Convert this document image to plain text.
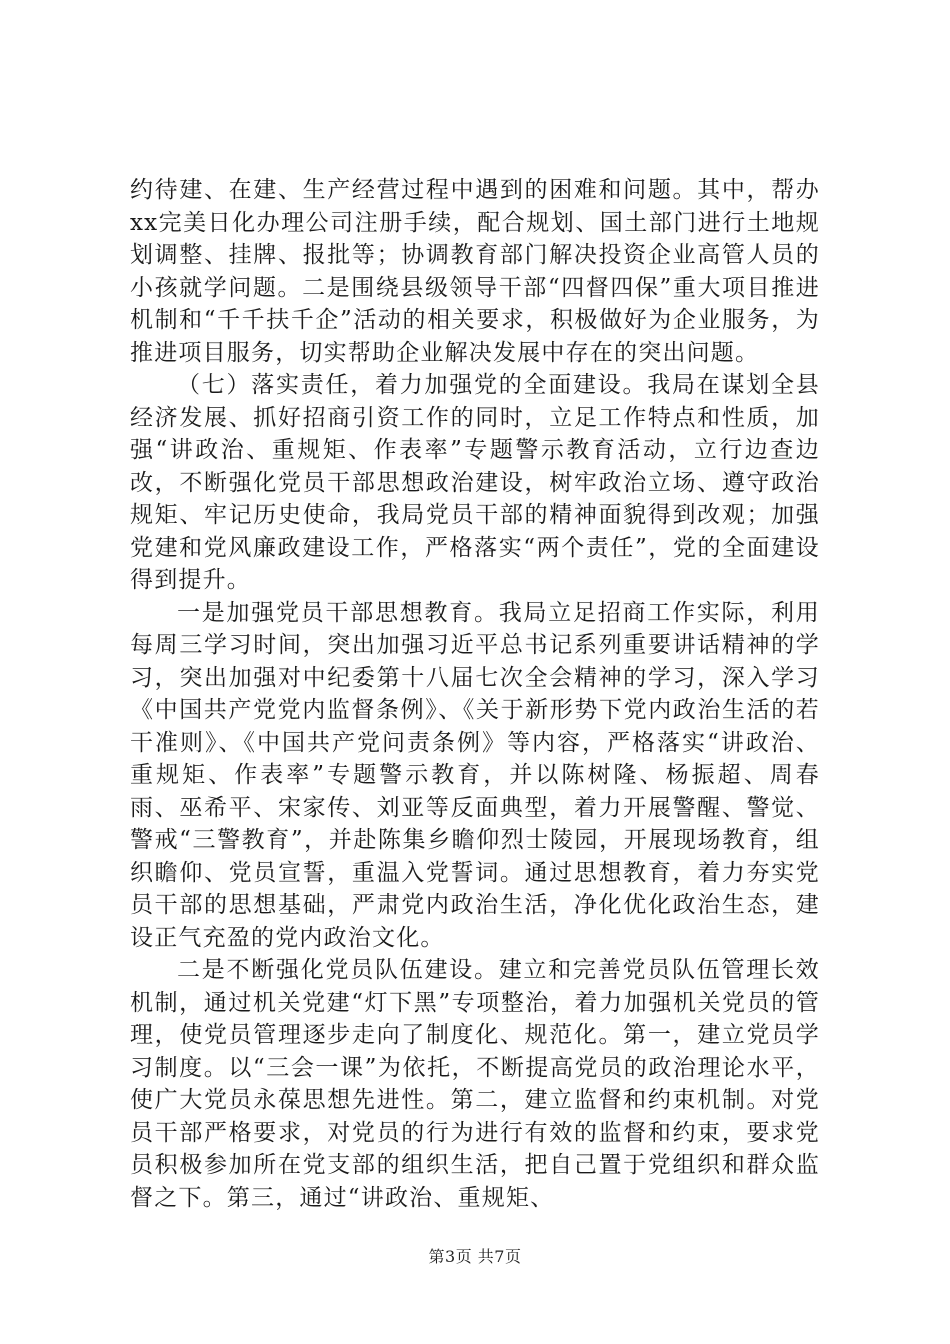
约待建、在建、生产经营过程中遇到的困难和问题。其中，帮办xx完美日化办理公司注册手续，配合规划、国土部门进行土地规划调整、挂牌、报批等；协调教育部门解决投资企业高管人员的小孩就学问题。二是围绕县级领导干部“四督四保”重大项目推进机制和“千千扶千企”活动的相关要求，积极做好为企业服务，为推进项目服务，切实帮助企业解决发展中存在的突出问题。

（七）落实责任，着力加强党的全面建设。我局在谋划全县经济发展、抓好招商引资工作的同时，立足工作特点和性质，加强“讲政治、重规矩、作表率”专题警示教育活动，立行边查边改，不断强化党员干部思想政治建设，树牢政治立场、遵守政治规矩、牢记历史使命，我局党员干部的精神面貌得到改观；加强党建和党风廉政建设工作，严格落实“两个责任”，党的全面建设得到提升。

一是加强党员干部思想教育。我局立足招商工作实际，利用每周三学习时间，突出加强习近平总书记系列重要讲话精神的学习，突出加强对中纪委第十八届七次全会精神的学习，深入学习《中国共产党党内监督条例》、《关于新形势下党内政治生活的若干准则》、《中国共产党问责条例》等内容，严格落实“讲政治、重规矩、作表率”专题警示教育，并以陈树隆、杨振超、周春雨、巫希平、宋家传、刘亚等反面典型，着力开展警醒、警觉、警戒“三警教育”，并赴陈集乡瞻仰烈士陵园，开展现场教育，组织瞻仰、党员宣誓，重温入党誓词。通过思想教育，着力夯实党员干部的思想基础，严肃党内政治生活，净化优化政治生态，建设正气充盈的党内政治文化。

二是不断强化党员队伍建设。建立和完善党员队伍管理长效机制，通过机关党建“灯下黑”专项整治，着力加强机关党员的管理，使党员管理逐步走向了制度化、规范化。第一，建立党员学习制度。以“三会一课”为依托，不断提高党员的政治理论水平，使广大党员永葆思想先进性。第二，建立监督和约束机制。对党员干部严格要求，对党员的行为进行有效的监督和约束，要求党员积极参加所在党支部的组织生活，把自己置于党组织和群众监督之下。第三，通过“讲政治、重规矩、

第3页 共7页
